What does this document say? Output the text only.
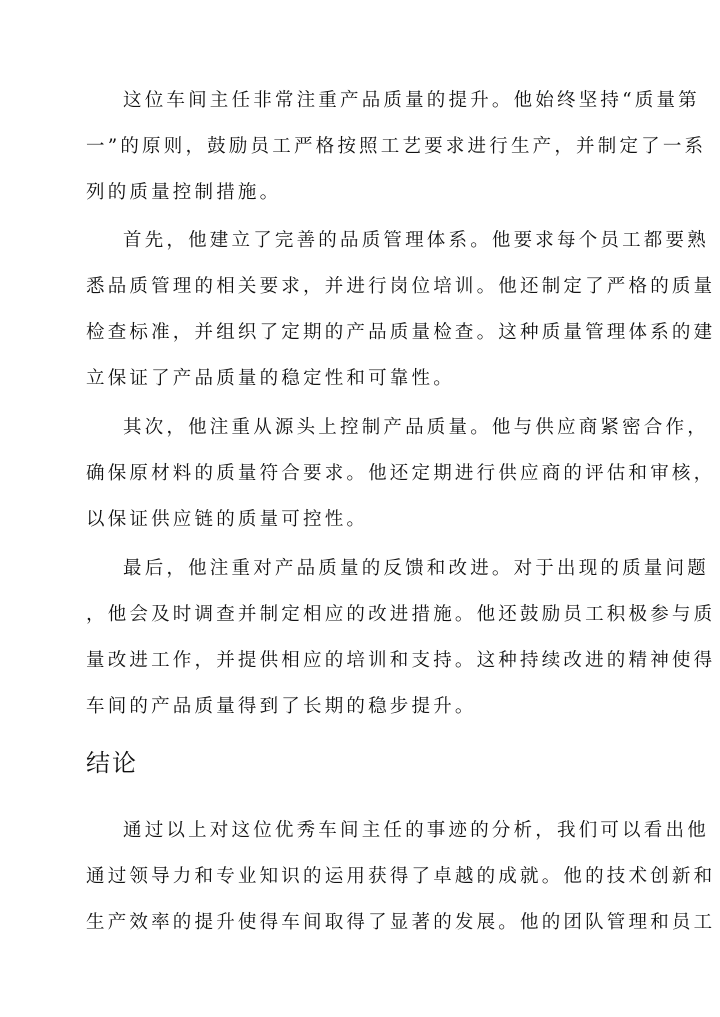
这位车间主任非常注重产品质量的提升。他始终坚持“质量第
一”的原则，鼓励员工严格按照工艺要求进行生产，并制定了一系
列的质量控制措施。

首先，他建立了完善的品质管理体系。他要求每个员工都要熟
悉品质管理的相关要求，并进行岗位培训。他还制定了严格的质量
检查标准，并组织了定期的产品质量检查。这种质量管理体系的建
立保证了产品质量的稳定性和可靠性。

其次，他注重从源头上控制产品质量。他与供应商紧密合作，
确保原材料的质量符合要求。他还定期进行供应商的评估和审核，
以保证供应链的质量可控性。

最后，他注重对产品质量的反馈和改进。对于出现的质量问题
，他会及时调查并制定相应的改进措施。他还鼓励员工积极参与质
量改进工作，并提供相应的培训和支持。这种持续改进的精神使得
车间的产品质量得到了长期的稳步提升。

结论

通过以上对这位优秀车间主任的事迹的分析，我们可以看出他
通过领导力和专业知识的运用获得了卓越的成就。他的技术创新和
生产效率的提升使得车间取得了显著的发展。他的团队管理和员工
